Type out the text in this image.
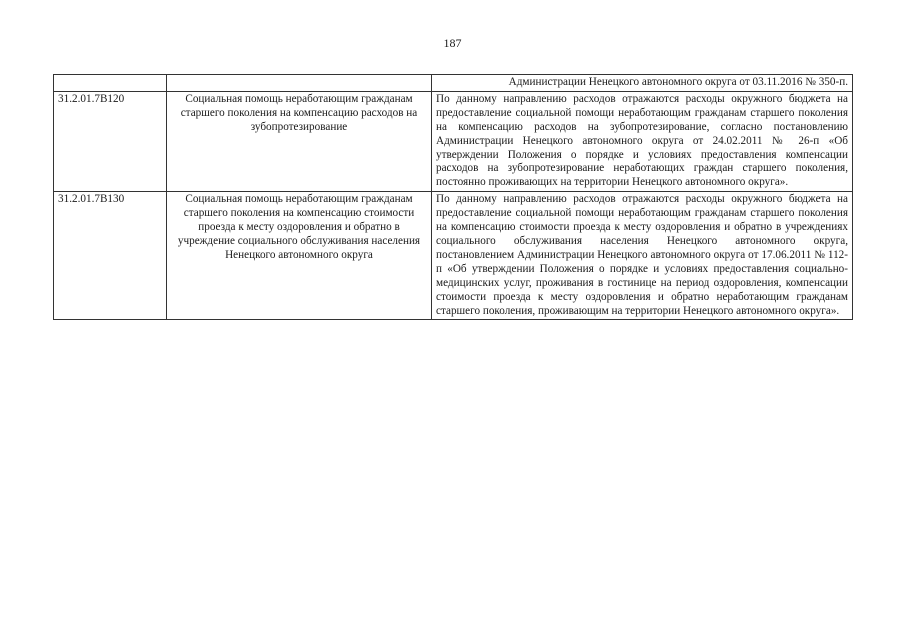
187
		Администрации Ненецкого автономного округа от 03.11.2016 № 350-п.
31.2.01.7В120	Социальная помощь неработающим гражданам старшего поколения на компенсацию расходов на зубопротезирование	По данному направлению расходов отражаются расходы окружного бюджета на предоставление социальной помощи неработающим гражданам старшего поколения на компенсацию расходов на зубопротезирование, согласно постановлению Администрации Ненецкого автономного округа от 24.02.2011 № 26-п «Об утверждении Положения о порядке и условиях предоставления компенсации расходов на зубопротезирование неработающих граждан старшего поколения, постоянно проживающих на территории Ненецкого автономного округа».
31.2.01.7В130	Социальная помощь неработающим гражданам старшего поколения на компенсацию стоимости проезда к месту оздоровления и обратно в учреждение социального обслуживания населения Ненецкого автономного округа	По данному направлению расходов отражаются расходы окружного бюджета на предоставление социальной помощи неработающим гражданам старшего поколения на компенсацию стоимости проезда к месту оздоровления и обратно в учреждениях социального обслуживания населения Ненецкого автономного округа, постановлением Администрации Ненецкого автономного округа от 17.06.2011 № 112-п «Об утверждении Положения о порядке и условиях предоставления социально-медицинских услуг, проживания в гостинице на период оздоровления, компенсации стоимости проезда к месту оздоровления и обратно неработающим гражданам старшего поколения, проживающим на территории Ненецкого автономного округа».
